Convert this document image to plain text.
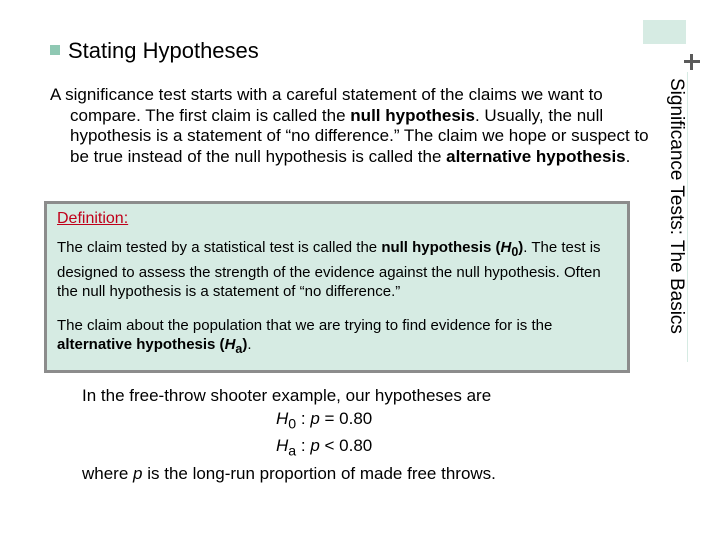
Significance Tests: The Basics
Stating Hypotheses
A significance test starts with a careful statement of the claims we want to compare. The first claim is called the null hypothesis. Usually, the null hypothesis is a statement of “no difference.” The claim we hope or suspect to be true instead of the null hypothesis is called the alternative hypothesis.
Definition:

The claim tested by a statistical test is called the null hypothesis $(H_0)$. The test is designed to assess the strength of the evidence against the null hypothesis. Often the null hypothesis is a statement of “no difference.”

The claim about the population that we are trying to find evidence for is the alternative hypothesis $(H_a)$.

In the free-throw shooter example, our hypotheses are
$H_0$ : p = 0.80
$H_a$ : p < 0.80
where p is the long-run proportion of made free throws.
